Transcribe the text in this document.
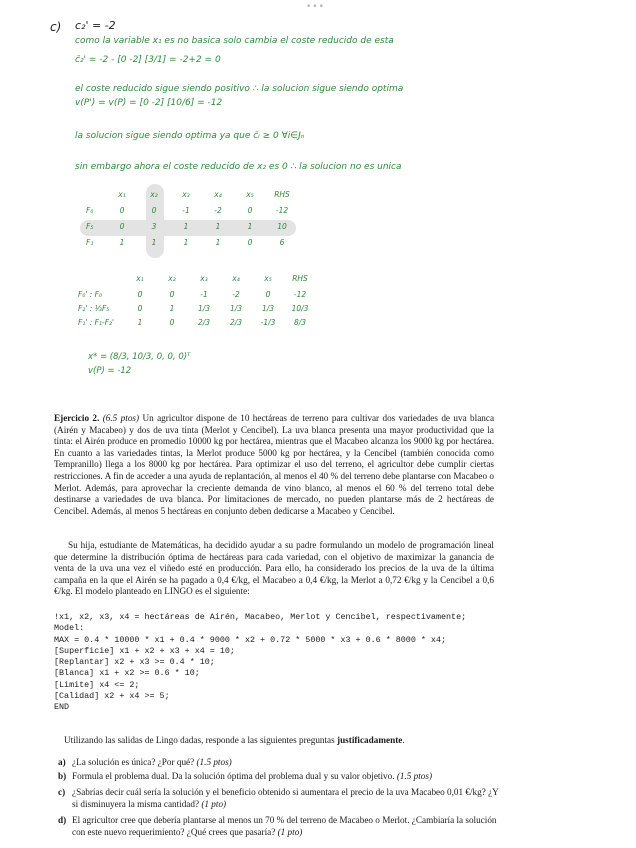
•••
c) c₂' = -2
como la variable x₁ es no basica solo cambia el coste reducido de esta
c̄₂' = -2 - [0 -2] [3/1] = -2+2 = 0
el coste reducido sigue siendo positivo ∴ la solucion sigue siendo optima
v(P') = v(P) = [0 -2] [10/6] = -12
la solucion sigue siendo optima ya que c̄ᵢ ≥ 0 ∀i∈Jₙ
sin embargo ahora el coste reducido de x₂ es 0 ∴ la solucion no es unica
x₁	x₂	x₃	x₄	x₅	RHS
F₀	0	0	-1	-2	0	-12
F₅	0	3	1	1	1	10
F₁	1	1	1	1	0	6
x₁	x₂	x₃	x₄	x₅	RHS
F₀' : F₀	0	0	-1	-2	0	-12
F₂' : ⅓F₅	0	1	1/3	1/3	1/3	10/3
F₁' : F₁-F₂'	1	0	2/3	2/3	-1/3	8/3
x* = (8/3, 10/3, 0, 0, 0)ᵀ
v(P) = -12
Ejercicio 2. (6.5 ptos) Un agricultor dispone de 10 hectáreas de terreno para cultivar dos variedades de uva blanca (Airén y Macabeo) y dos de uva tinta (Merlot y Cencibel). La uva blanca presenta una mayor productividad que la tinta: el Airén produce en promedio 10000 kg por hectárea, mientras que el Macabeo alcanza los 9000 kg por hectárea. En cuanto a las variedades tintas, la Merlot produce 5000 kg por hectárea, y la Cencibel (también conocida como Tempranillo) llega a los 8000 kg por hectárea. Para optimizar el uso del terreno, el agricultor debe cumplir ciertas restricciones. A fin de acceder a una ayuda de replantación, al menos el 40 % del terreno debe plantarse con Macabeo o Merlot. Además, para aprovechar la creciente demanda de vino blanco, al menos el 60 % del terreno total debe destinarse a variedades de uva blanca. Por limitaciones de mercado, no pueden plantarse más de 2 hectáreas de Cencibel. Además, al menos 5 hectáreas en conjunto deben dedicarse a Macabeo y Cencibel.
Su hija, estudiante de Matemáticas, ha decidido ayudar a su padre formulando un modelo de programación lineal que determine la distribución óptima de hectáreas para cada variedad, con el objetivo de maximizar la ganancia de venta de la uva una vez el viñedo esté en producción. Para ello, ha considerado los precios de la uva de la última campaña en la que el Airén se ha pagado a 0,4 €/kg, el Macabeo a 0,4 €/kg, la Merlot a 0,72 €/kg y la Cencibel a 0,6 €/kg. El modelo planteado en LINGO es el siguiente:
!x1, x2, x3, x4 = hectáreas de Airén, Macabeo, Merlot y Cencibel, respectivamente;
Model:
MAX = 0.4 * 10000 * x1 + 0.4 * 9000 * x2 + 0.72 * 5000 * x3 + 0.6 * 8000 * x4;
[Superficie] x1 + x2 + x3 + x4 = 10;
[Replantar] x2 + x3 >= 0.4 * 10;
[Blanca] x1 + x2 >= 0.6 * 10;
[Limite] x4 <= 2;
[Calidad] x2 + x4 >= 5;
END
Utilizando las salidas de Lingo dadas, responde a las siguientes preguntas justificadamente.
a) ¿La solución es única? ¿Por qué? (1.5 ptos)
b) Formula el problema dual. Da la solución óptima del problema dual y su valor objetivo. (1.5 ptos)
c) ¿Sabrías decir cuál sería la solución y el beneficio obtenido si aumentara el precio de la uva Macabeo 0,01 €/kg? ¿Y si disminuyera la misma cantidad? (1 pto)
d) El agricultor cree que debería plantarse al menos un 70 % del terreno de Macabeo o Merlot. ¿Cambiaría la solución con este nuevo requerimiento? ¿Qué crees que pasaría? (1 pto)
